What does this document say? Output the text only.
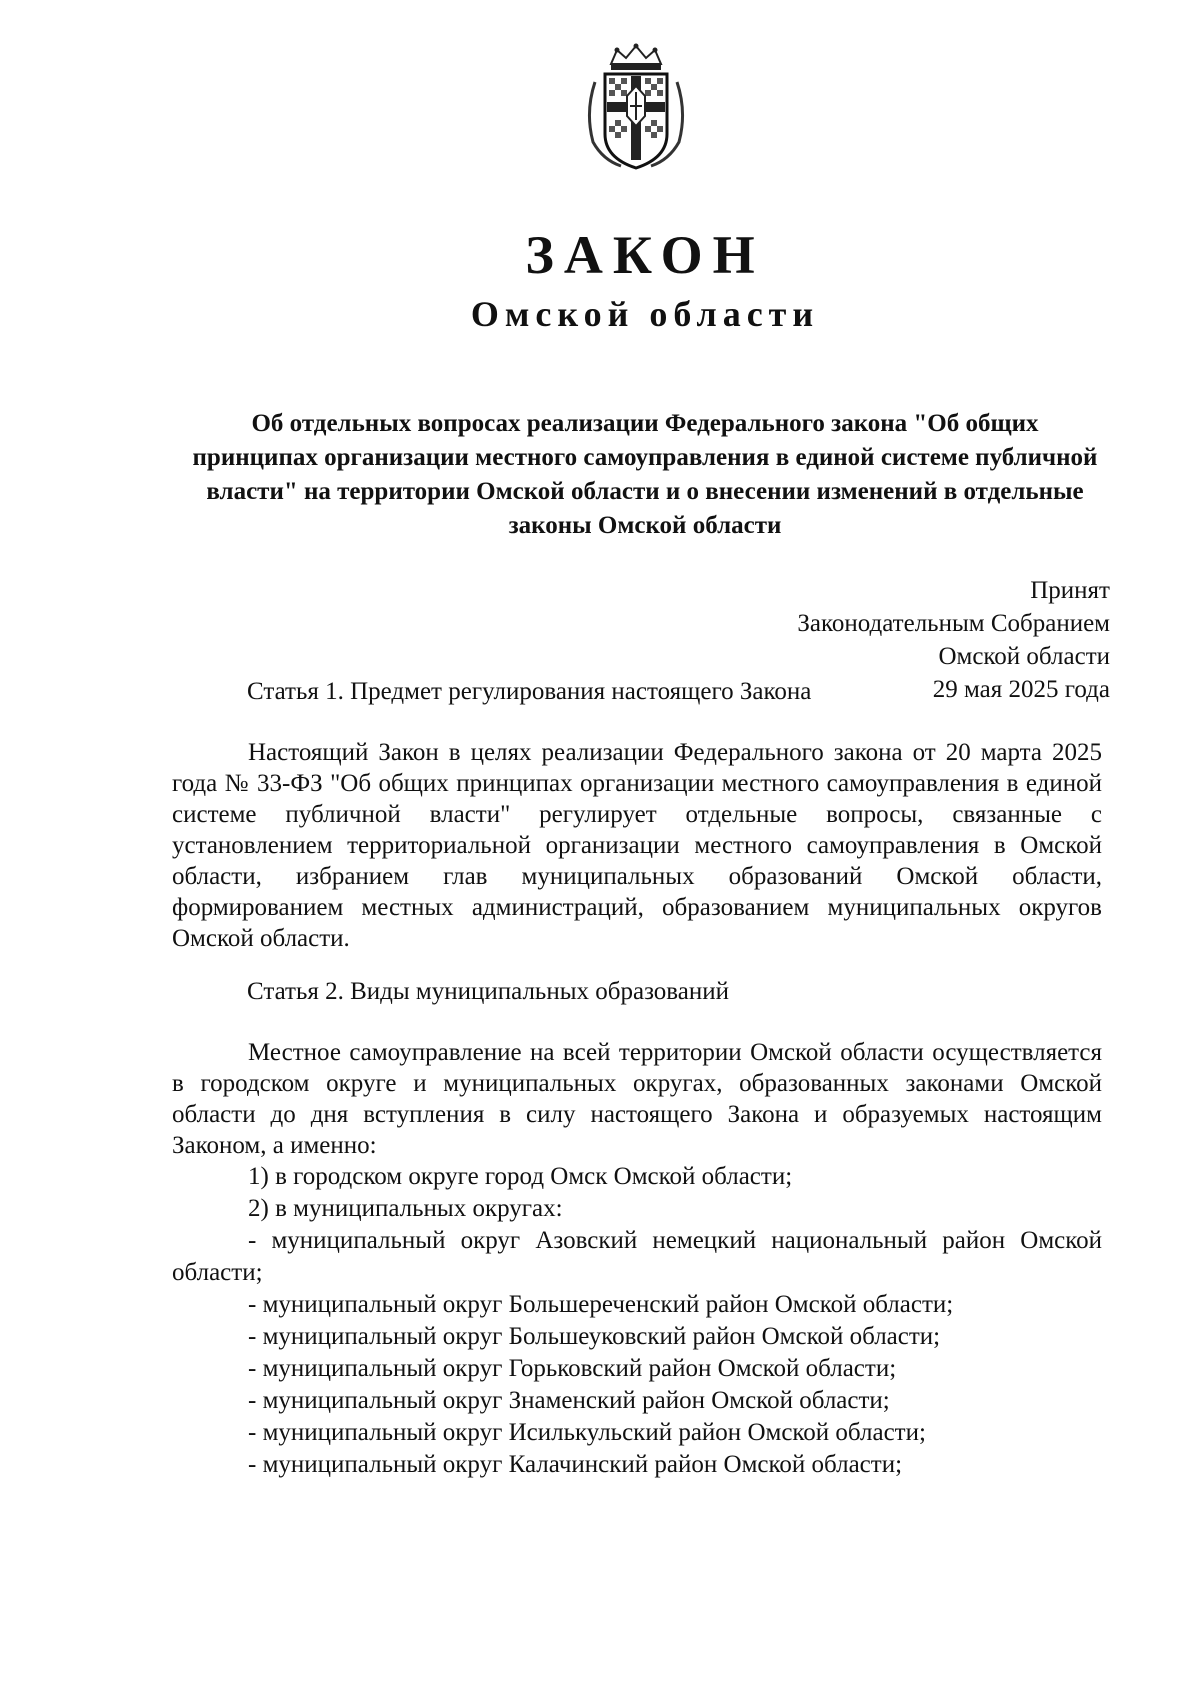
ЗАКОН
Омской области
Об отдельных вопросах реализации Федерального закона "Об общих принципах организации местного самоуправления в единой системе публичной власти" на территории Омской области и о внесении изменений в отдельные законы Омской области
Принят
Законодательным Собранием
Омской области
29 мая 2025 года
Статья 1. Предмет регулирования настоящего Закона
Настоящий Закон в целях реализации Федерального закона от 20 марта 2025 года № 33-ФЗ "Об общих принципах организации местного самоуправления в единой системе публичной власти" регулирует отдельные вопросы, связанные с установлением территориальной организации местного самоуправления в Омской области, избранием глав муниципальных образований Омской области, формированием местных администраций, образованием муниципальных округов Омской области.
Статья 2. Виды муниципальных образований
Местное самоуправление на всей территории Омской области осуществляется в городском округе и муниципальных округах, образованных законами Омской области до дня вступления в силу настоящего Закона и образуемых настоящим Законом, а именно:

1) в городском округе город Омск Омской области;

2) в муниципальных округах:

- муниципальный округ Азовский немецкий национальный район Омской области;

- муниципальный округ Большереченский район Омской области;

- муниципальный округ Большеуковский район Омской области;

- муниципальный округ Горьковский район Омской области;

- муниципальный округ Знаменский район Омской области;

- муниципальный округ Исилькульский район Омской области;

- муниципальный округ Калачинский район Омской области;
